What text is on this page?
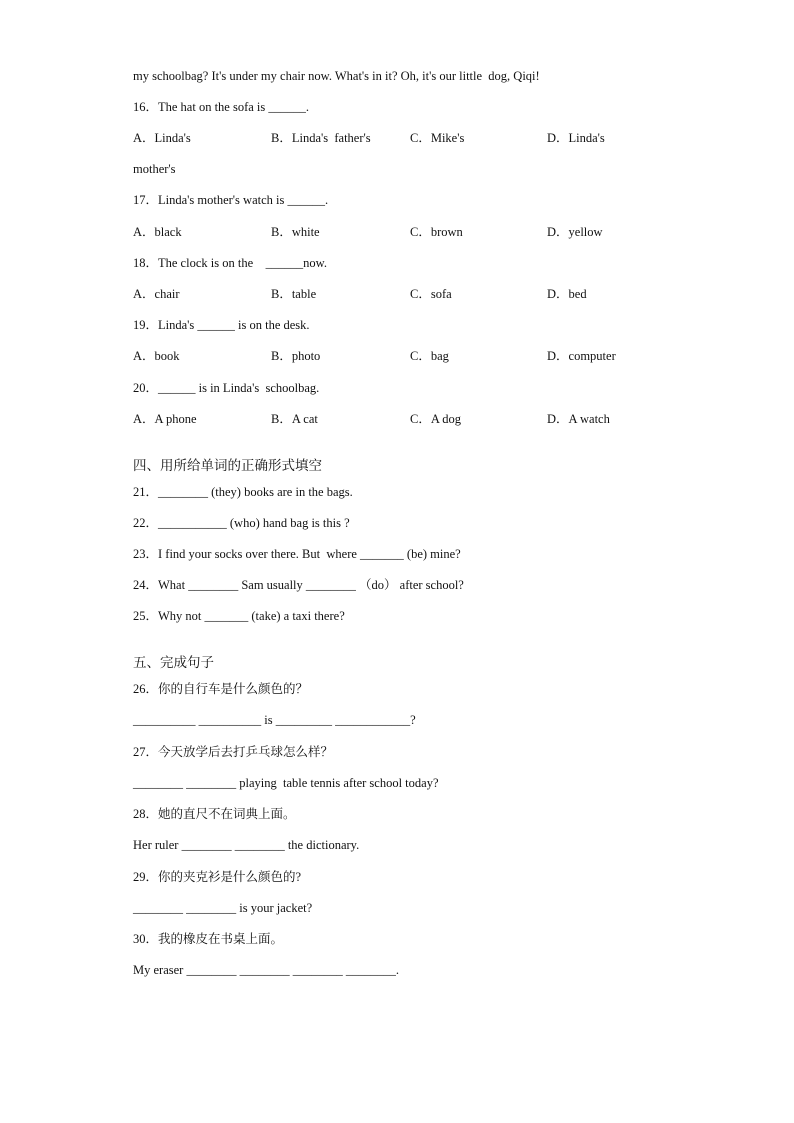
my schoolbag? It's under my chair now. What's in it? Oh, it's our little  dog, Qiqi!
16．The hat on the sofa is ______.
A．Linda's	B．Linda's  father's	C．Mike's	D．Linda's
mother's
17．Linda's mother's watch is ______.
A．black	B．white	C．brown	D．yellow
18．The clock is on the    ______now.
A．chair	B．table	C．sofa	D．bed
19．Linda's ______ is on the desk.
A．book	B．photo	C．bag	D．computer
20．______ is in Linda's  schoolbag.
A．A phone	B．A cat	C．A dog	D．A watch
四、用所给单词的正确形式填空
21．________ (they) books are in the bags.
22．___________ (who) hand bag is this ?
23．I find your socks over there. But  where _______ (be) mine?
24．What ________ Sam usually ________ （do） after school?
25．Why not _______ (take) a taxi there?
五、完成句子
26．你的自行车是什么颜色的？
__________ __________ is _________ ____________?
27．今天放学后去打乒乓球怎么样？
________ ________ playing  table tennis after school today?
28．她的直尺不在词典上面。
Her ruler ________ ________ the dictionary.
29．你的夹克衫是什么颜色的?
________ ________ is your jacket?
30．我的橡皮在书桌上面。
My eraser ________ ________ ________ ________.
